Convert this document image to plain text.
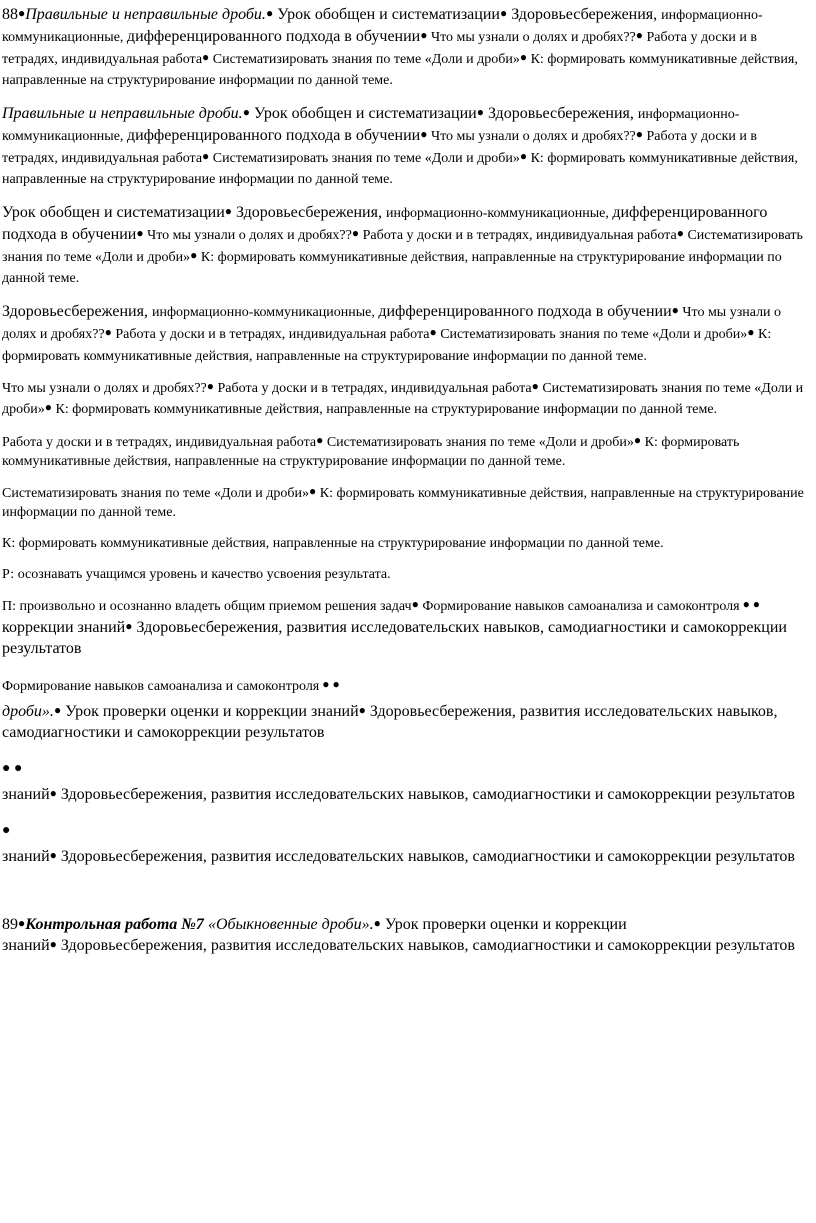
88●Правильные и неправильные дроби.● Урок обобщен и систематизации● Здоровьесбережения, информационно-коммуникационные, дифференцированного подхода в обучении● Что мы узнали о долях и дробях??● Работа у доски и в тетрадях, индивидуальная работа● Систематизировать знания по теме «Доли и дроби»● К: формировать коммуникативные действия, направленные на структурирование информации по данной теме.

Правильные и неправильные дроби.● Урок обобщен и систематизации● Здоровьесбережения, информационно-коммуникационные, дифференцированного подхода в обучении● Что мы узнали о долях и дробях??● Работа у доски и в тетрадях, индивидуальная работа● Систематизировать знания по теме «Доли и дроби»● К: формировать коммуникативные действия, направленные на структурирование информации по данной теме.

Урок обобщен и систематизации● Здоровьесбережения, информационно-коммуникационные, дифференцированного подхода в обучении● Что мы узнали о долях и дробях??● Работа у доски и в тетрадях, индивидуальная работа● Систематизировать знания по теме «Доли и дроби»● К: формировать коммуникативные действия, направленные на структурирование информации по данной теме.

Здоровьесбережения, информационно-коммуникационные, дифференцированного подхода в обучении● Что мы узнали о долях и дробях??● Работа у доски и в тетрадях, индивидуальная работа● Систематизировать знания по теме «Доли и дроби»● К: формировать коммуникативные действия, направленные на структурирование информации по данной теме.

Что мы узнали о долях и дробях??● Работа у доски и в тетрадях, индивидуальная работа● Систематизировать знания по теме «Доли и дроби»● К: формировать коммуникативные действия, направленные на структурирование информации по данной теме.

Работа у доски и в тетрадях, индивидуальная работа● Систематизировать знания по теме «Доли и дроби»● К: формировать коммуникативные действия, направленные на структурирование информации по данной теме.

Систематизировать знания по теме «Доли и дроби»● К: формировать коммуникативные действия, направленные на структурирование информации по данной теме.

К: формировать коммуникативные действия, направленные на структурирование информации по данной теме.

Р: осознавать учащимся уровень и качество усвоения результата.

П: произвольно и осознанно владеть общим приемом решения задач● Формирование навыков самоанализа и самоконтроля ● ●

коррекции знаний● Здоровьесбережения, развития исследовательских навыков, самодиагностики и самокоррекции результатов

Формирование навыков самоанализа и самоконтроля ● ●

дроби».● Урок проверки оценки и коррекции знаний● Здоровьесбережения, развития исследовательских навыков, самодиагностики и самокоррекции результатов

● ●

знаний● Здоровьесбережения, развития исследовательских навыков, самодиагностики и самокоррекции результатов

●

знаний● Здоровьесбережения, развития исследовательских навыков, самодиагностики и самокоррекции результатов

89●Контрольная работа №7 «Обыкновенные дроби».● Урок проверки оценки и коррекции

знаний● Здоровьесбережения, развития исследовательских навыков, самодиагностики и самокоррекции результатов
